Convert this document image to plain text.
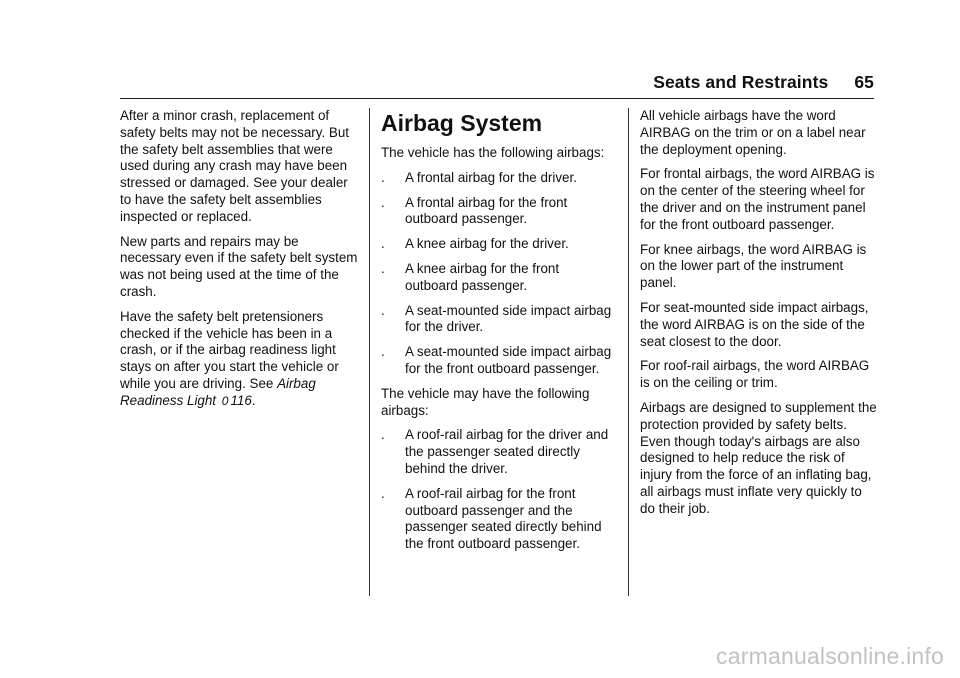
Seats and Restraints 65

After a minor crash, replacement of safety belts may not be necessary. But the safety belt assemblies that were used during any crash may have been stressed or damaged. See your dealer to have the safety belt assemblies inspected or replaced.

New parts and repairs may be necessary even if the safety belt system was not being used at the time of the crash.

Have the safety belt pretensioners checked if the vehicle has been in a crash, or if the airbag readiness light stays on after you start the vehicle or while you are driving. See Airbag Readiness Light 0 116.

Airbag System

The vehicle has the following airbags:

.	A frontal airbag for the driver.
.	A frontal airbag for the front outboard passenger.
.	A knee airbag for the driver.
.	A knee airbag for the front outboard passenger.
.	A seat-mounted side impact airbag for the driver.
.	A seat-mounted side impact airbag for the front outboard passenger.

The vehicle may have the following airbags:

.	A roof-rail airbag for the driver and the passenger seated directly behind the driver.
.	A roof-rail airbag for the front outboard passenger and the passenger seated directly behind the front outboard passenger.

All vehicle airbags have the word AIRBAG on the trim or on a label near the deployment opening.

For frontal airbags, the word AIRBAG is on the center of the steering wheel for the driver and on the instrument panel for the front outboard passenger.

For knee airbags, the word AIRBAG is on the lower part of the instrument panel.

For seat-mounted side impact airbags, the word AIRBAG is on the side of the seat closest to the door.

For roof-rail airbags, the word AIRBAG is on the ceiling or trim.

Airbags are designed to supplement the protection provided by safety belts. Even though today's airbags are also designed to help reduce the risk of injury from the force of an inflating bag, all airbags must inflate very quickly to do their job.

carmanualsonline.info
